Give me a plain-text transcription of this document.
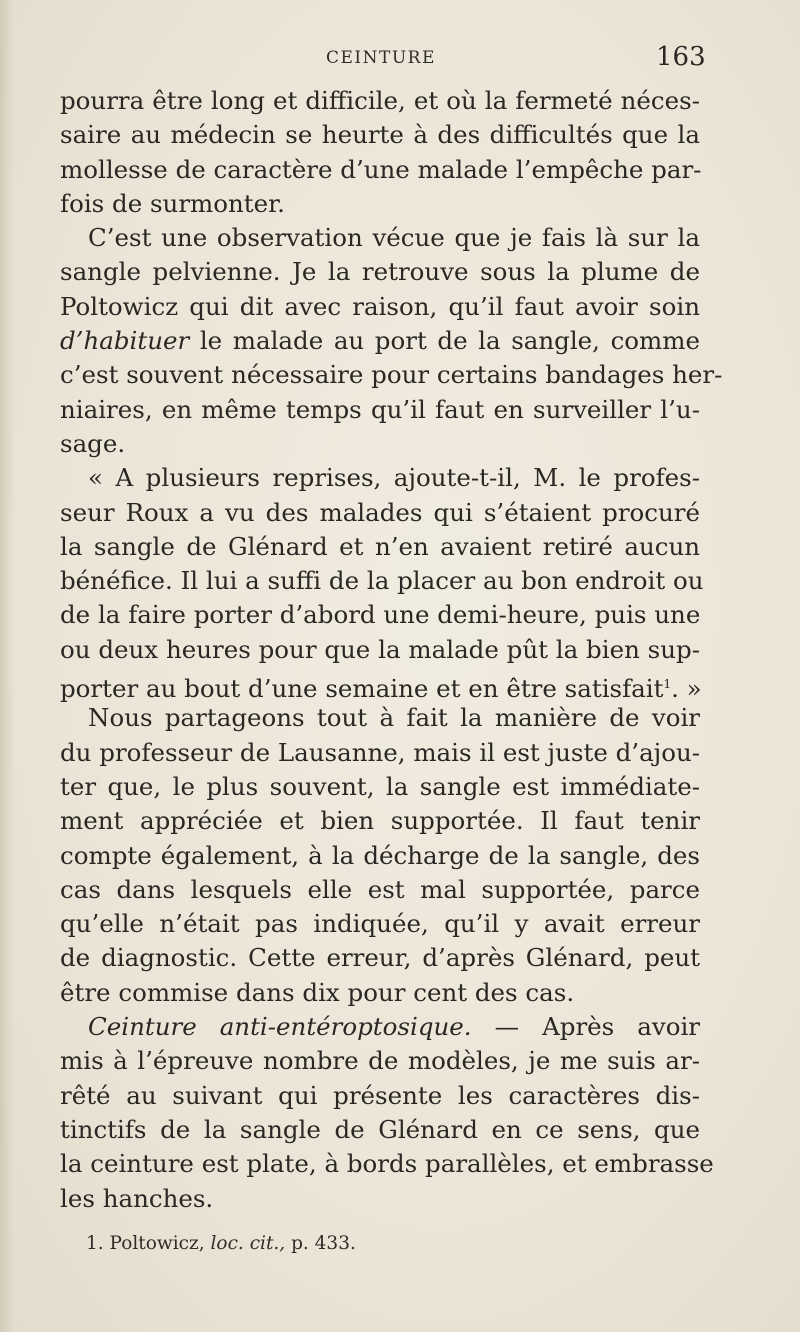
CEINTURE	163
pourra être long et difficile, et où la fermeté néces-
saire au médecin se heurte à des difficultés que la
mollesse de caractère d’une malade l’empêche par-
fois de surmonter.
C’est une observation vécue que je fais là sur la
sangle pelvienne. Je la retrouve sous la plume de
Poltowicz qui dit avec raison, qu’il faut avoir soin
d’habituer le malade au port de la sangle, comme
c’est souvent nécessaire pour certains bandages her-
niaires, en même temps qu’il faut en surveiller l’u-
sage.
« A plusieurs reprises, ajoute-t-il, M. le profes-
seur Roux a vu des malades qui s’étaient procuré
la sangle de Glénard et n’en avaient retiré aucun
bénéfice. Il lui a suffi de la placer au bon endroit ou
de la faire porter d’abord une demi-heure, puis une
ou deux heures pour que la malade pût la bien sup-
porter au bout d’une semaine et en être satisfait$^1$. »
Nous partageons tout à fait la manière de voir
du professeur de Lausanne, mais il est juste d’ajou-
ter que, le plus souvent, la sangle est immédiate-
ment appréciée et bien supportée. Il faut tenir
compte également, à la décharge de la sangle, des
cas dans lesquels elle est mal supportée, parce
qu’elle n’était pas indiquée, qu’il y avait erreur
de diagnostic. Cette erreur, d’après Glénard, peut
être commise dans dix pour cent des cas.
Ceinture anti-entéroptosique. — Après avoir
mis à l’épreuve nombre de modèles, je me suis ar-
rêté au suivant qui présente les caractères dis-
tinctifs de la sangle de Glénard en ce sens, que
la ceinture est plate, à bords parallèles, et embrasse
les hanches.
1. Poltowicz, loc. cit., p. 433.
